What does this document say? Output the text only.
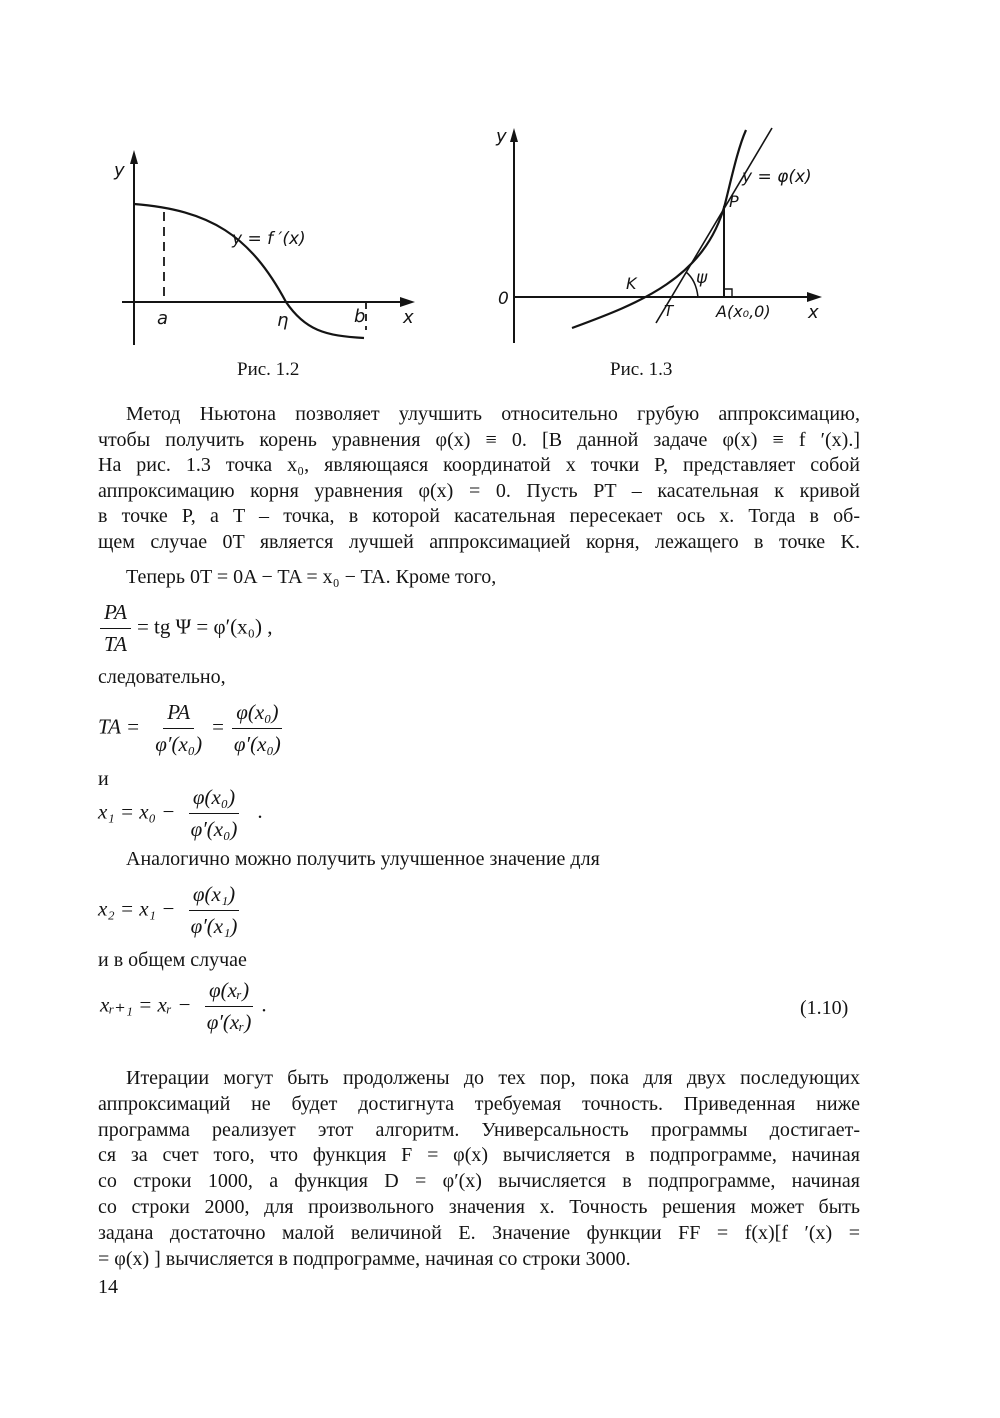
y
x
y = f ′(x)
a	η	b
y
x
0
y = φ(x)
P
K
T
ψ
A(x₀,0)
Рис. 1.2	Рис. 1.3
Метод Ньютона позволяет улучшить относительно грубую аппроксимацию,
чтобы получить корень уравнения φ(x) ≡ 0. [В данной задаче φ(x) ≡ f ′(x).]
На рис. 1.3 точка x₀, являющаяся координатой x точки P, представляет собой
аппроксимацию корня уравнения φ(x) = 0. Пусть PT – касательная к кривой
в точке P, а T – точка, в которой касательная пересекает ось x. Тогда в об-
щем случае 0T является лучшей аппроксимацией корня, лежащего в точке K.
Теперь 0T = 0A − TA = x₀ − TA. Кроме того,
$\frac{PA}{TA}$ = tg Ψ = φ′(x₀) ,
следовательно,
TA = $\frac{PA}{\text{φ′(x₀)}} = \frac{\text{φ(x₀)}}{\text{φ′(x₀)}}$
и
$x_1 = x_0 - \frac{\text{φ(x₀)}}{\text{φ′(x₀)}}$ .
Аналогично можно получить улучшенное значение для
$x_2 = x_1 - \frac{\text{φ(x₁)}}{\text{φ′(x₁)}}$
и в общем случае
xᵣ₊₁ = xᵣ − $\frac{\text{φ(xᵣ)}}{\text{φ′(xᵣ)}}$ .	(1.10)
Итерации могут быть продолжены до тех пор, пока для двух последующих
аппроксимаций не будет достигнута требуемая точность. Приведенная ниже
программа реализует этот алгоритм. Универсальность программы достигает-
ся за счет того, что функция F = φ(x) вычисляется в подпрограмме, начиная
со строки 1000, а функция D = φ′(x) вычисляется в подпрограмме, начиная
со строки 2000, для произвольного значения x. Точность решения может быть
задана достаточно малой величиной E. Значение функции FF = f(x)[f ′(x) =
= φ(x) ] вычисляется в подпрограмме, начиная со строки 3000.
14
